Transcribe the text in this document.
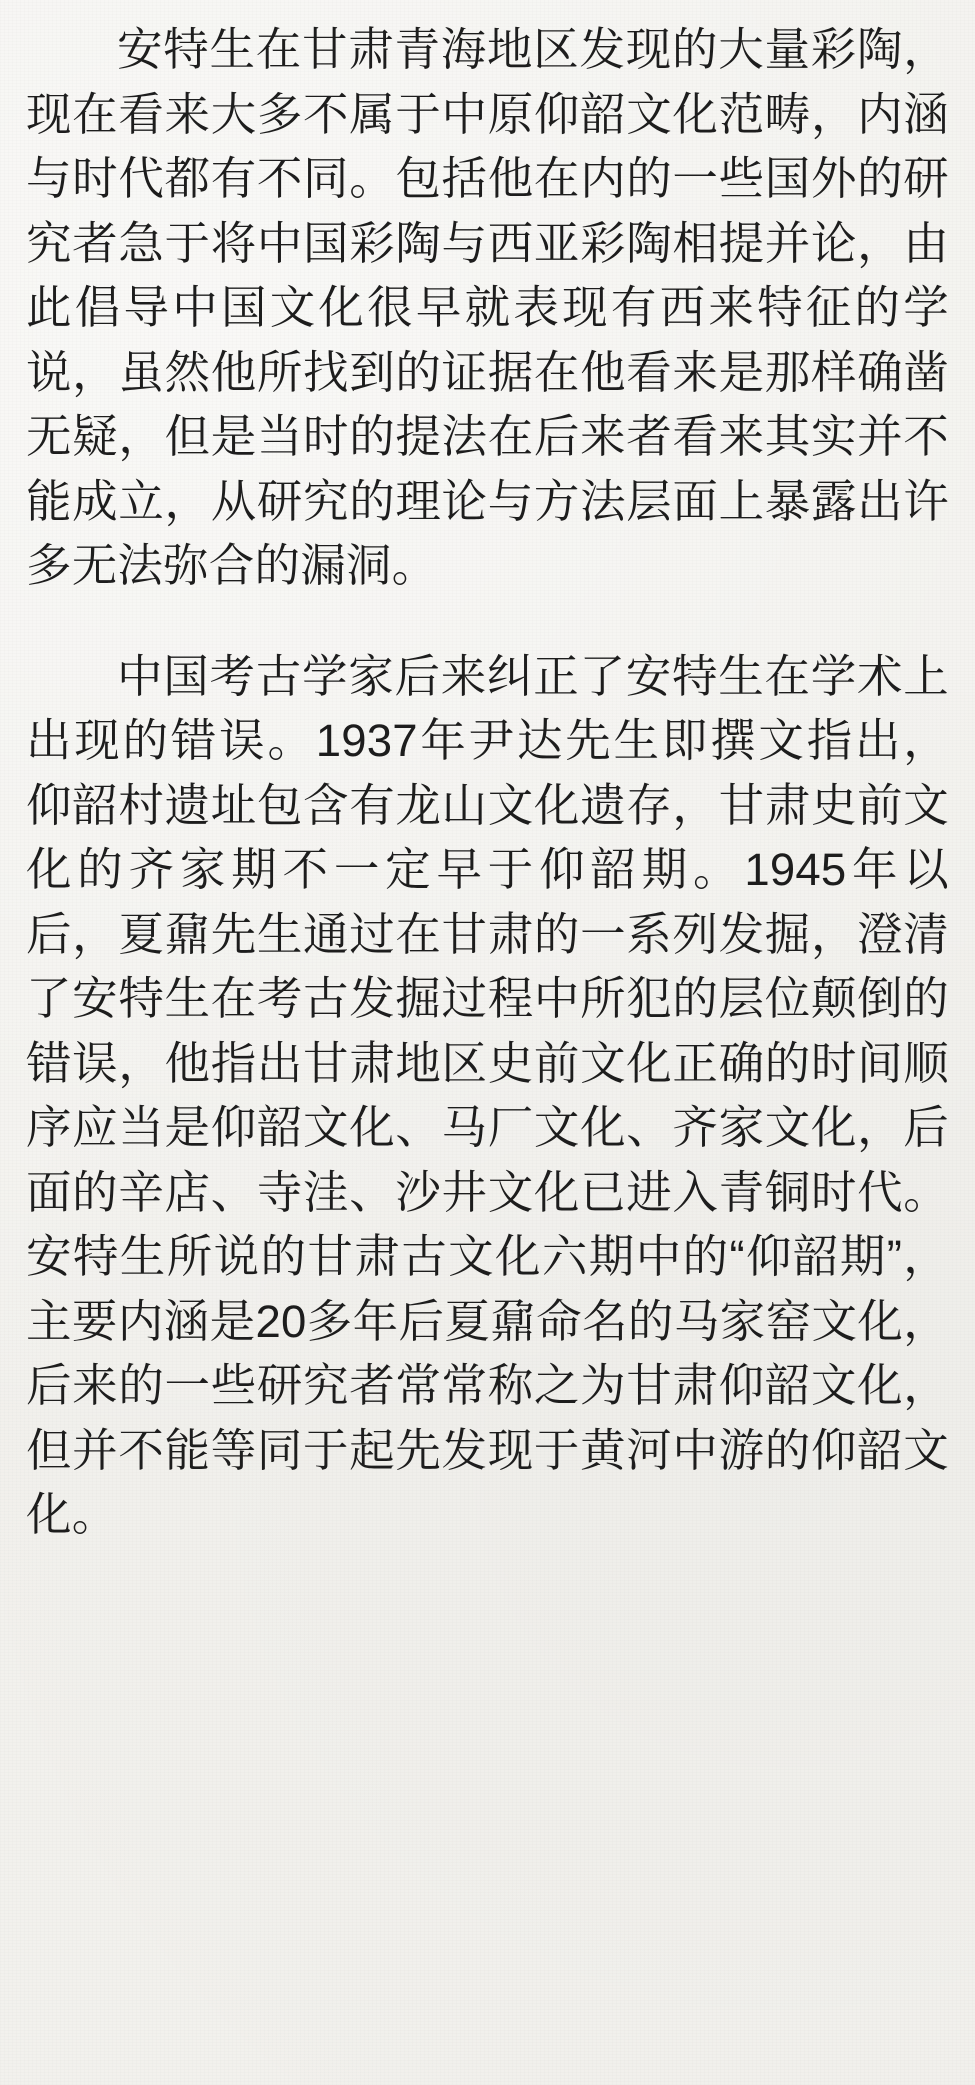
安特生在甘肃青海地区发现的大量彩陶，现在看来大多不属于中原仰韶文化范畴，内涵与时代都有不同。包括他在内的一些国外的研究者急于将中国彩陶与西亚彩陶相提并论，由此倡导中国文化很早就表现有西来特征的学说，虽然他所找到的证据在他看来是那样确凿无疑，但是当时的提法在后来者看来其实并不能成立，从研究的理论与方法层面上暴露出许多无法弥合的漏洞。

中国考古学家后来纠正了安特生在学术上出现的错误。1937年尹达先生即撰文指出，仰韶村遗址包含有龙山文化遗存，甘肃史前文化的齐家期不一定早于仰韶期。1945年以后，夏鼐先生通过在甘肃的一系列发掘，澄清了安特生在考古发掘过程中所犯的层位颠倒的错误，他指出甘肃地区史前文化正确的时间顺序应当是仰韶文化、马厂文化、齐家文化，后面的辛店、寺洼、沙井文化已进入青铜时代。安特生所说的甘肃古文化六期中的“仰韶期”，主要内涵是20多年后夏鼐命名的马家窑文化，后来的一些研究者常常称之为甘肃仰韶文化，但并不能等同于起先发现于黄河中游的仰韶文化。
